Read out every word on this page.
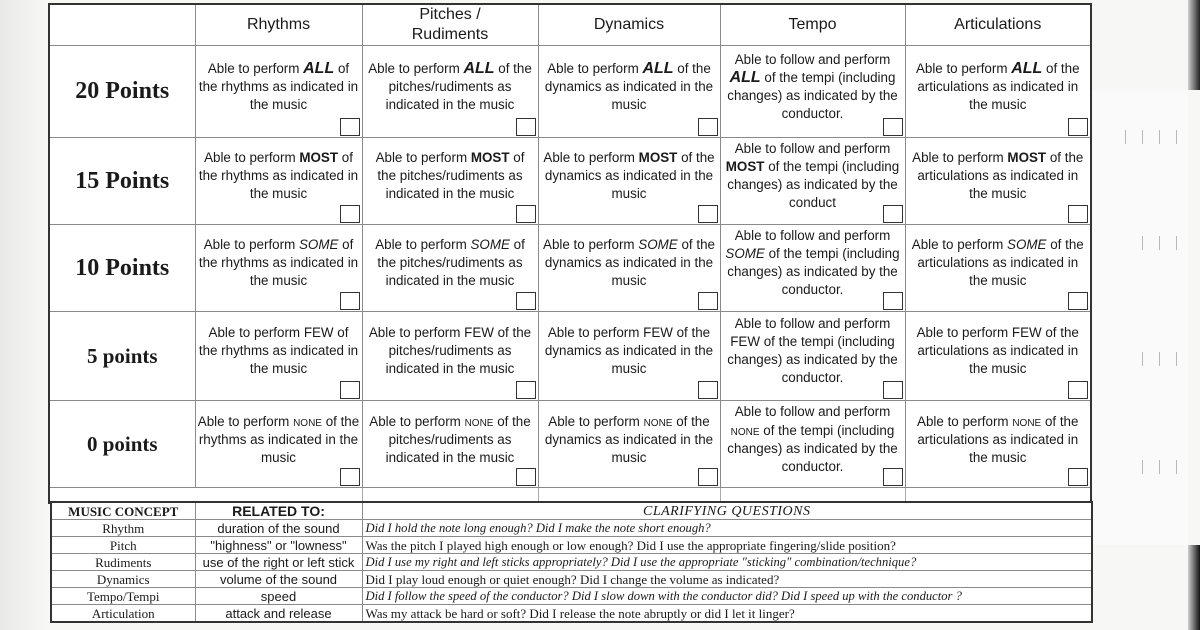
	Rhythms	Pitches /
Rudiments	Dynamics	Tempo	Articulations
20 Points	Able to perform ALL of the rhythms as indicated in the music	Able to perform ALL of the pitches/rudiments as indicated in the music	Able to perform ALL of the dynamics as indicated in the music	Able to follow and perform
ALL of the tempi (including changes) as indicated by the conductor.	Able to perform ALL of the articulations as indicated in the music

15 Points	Able to perform MOST of the rhythms as indicated in the music	Able to perform MOST of the pitches/rudiments as indicated in the music	Able to perform MOST of the dynamics as indicated in the music	Able to follow and perform
MOST of the tempi (including changes) as indicated by the conduct	Able to perform MOST of the articulations as indicated in the music

10 Points	Able to perform SOME of the rhythms as indicated in the music	Able to perform SOME of the pitches/rudiments as indicated in the music	Able to perform SOME of the dynamics as indicated in the music	Able to follow and perform
SOME of the tempi (including changes) as indicated by the conductor.	Able to perform SOME of the articulations as indicated in the music

5 points	Able to perform FEW of the rhythms as indicated in the music	Able to perform FEW of the pitches/rudiments as indicated in the music	Able to perform FEW of the dynamics as indicated in the music	Able to follow and perform
FEW of the tempi (including changes) as indicated by the conductor.	Able to perform FEW of the articulations as indicated in the music

0 points	Able to perform none of the rhythms as indicated in the music	Able to perform none of the pitches/rudiments as indicated in the music	Able to perform none of the dynamics as indicated in the music	Able to follow and perform
none of the tempi (including changes) as indicated by the conductor.	Able to perform none of the articulations as indicated in the music

MUSIC CONCEPT	RELATED TO:	CLARIFYING QUESTIONS
Rhythm	duration of the sound	Did I hold the note long enough? Did I make the note short enough?
Pitch	"highness" or "lowness"	Was the pitch I played high enough or low enough? Did I use the appropriate fingering/slide position?
Rudiments	use of the right or left stick	Did I use my right and left sticks appropriately? Did I use the appropriate "sticking" combination/technique?
Dynamics	volume of the sound	Did I play loud enough or quiet enough? Did I change the volume as indicated?
Tempo/Tempi	speed	Did I follow the speed of the conductor? Did I slow down with the conductor did? Did I speed up with the conductor ?
Articulation	attack and release	Was my attack be hard or soft? Did I release the note abruptly or did I let it linger?
